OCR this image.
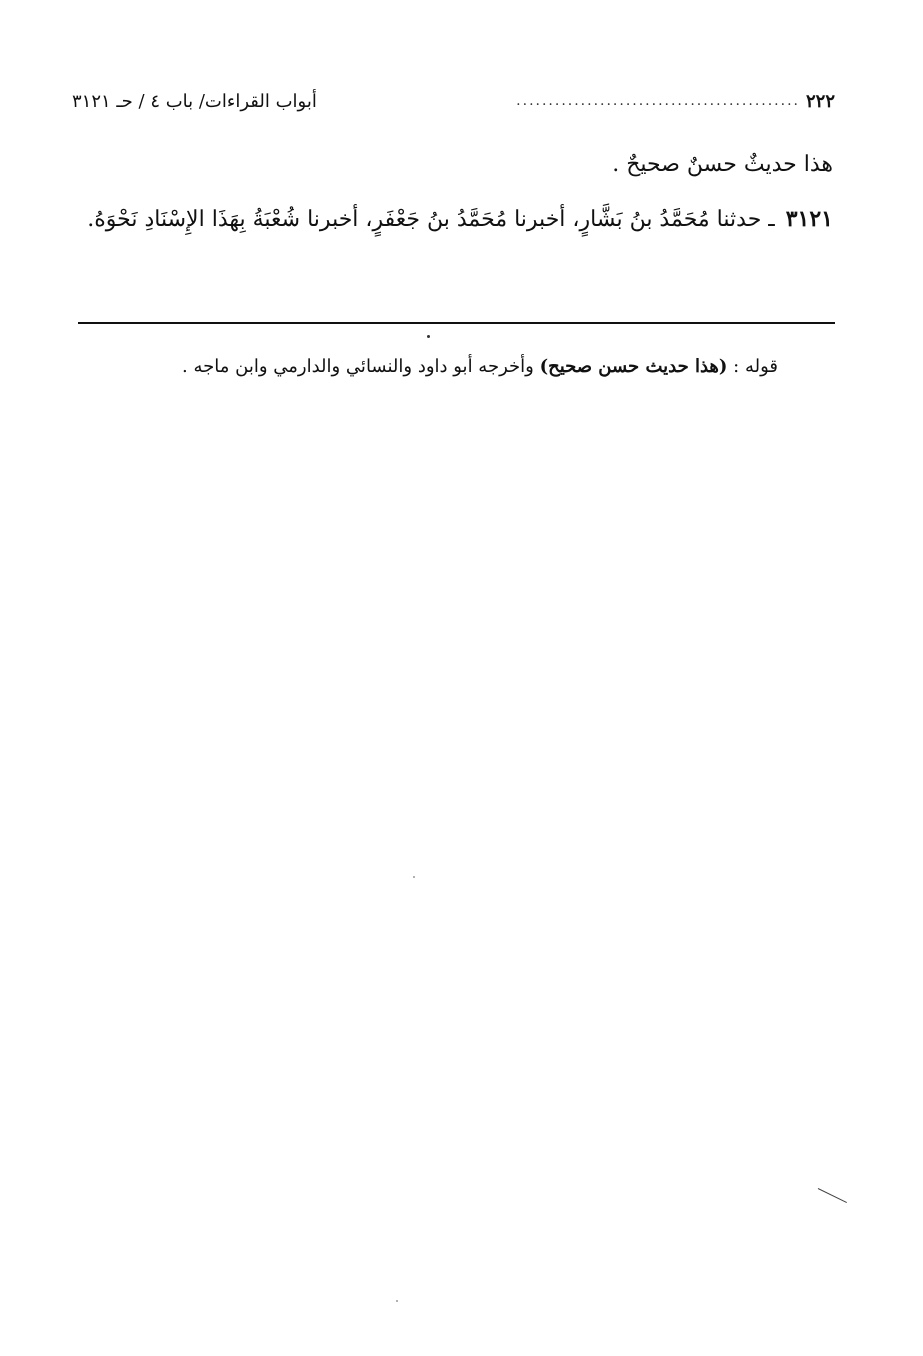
٢٢٢
............................................
أبواب القراءات/ باب ٤ / حـ ٣١٢١
هذا حديثٌ حسنٌ صحيحٌ .
٣١٢١ ـ حدثنا مُحَمَّدُ بنُ بَشَّارٍ، أخبرنا مُحَمَّدُ بنُ جَعْفَرٍ، أخبرنا شُعْبَةُ بِهَذَا الإِسْنَادِ نَحْوَهُ.
قوله : (هذا حديث حسن صحيح) وأخرجه أبو داود والنسائي والدارمي وابن ماجه .
